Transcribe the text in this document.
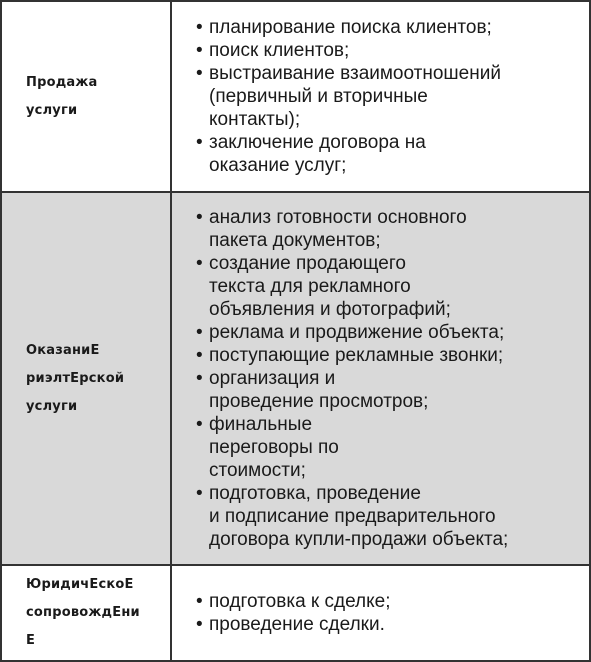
Продажа
услуги
• планирование поиска клиентов;
• поиск клиентов;
• выстраивание взаимоотношений
(первичный и вторичные
контакты);
• заключение договора на
оказание услуг;
ОказаниЕ
риэлтЕрской
услуги
• анализ готовности основного
пакета документов;
• создание продающего
текста для рекламного
объявления и фотографий;
• реклама и продвижение объекта;
• поступающие рекламные звонки;
• организация и
проведение просмотров;
• финальные
переговоры по
стоимости;
• подготовка, проведение
и подписание предварительного
договора купли-продажи объекта;
ЮридичЕскоЕ
сопровождЕни
Е
• подготовка к сделке;
• проведение сделки.
